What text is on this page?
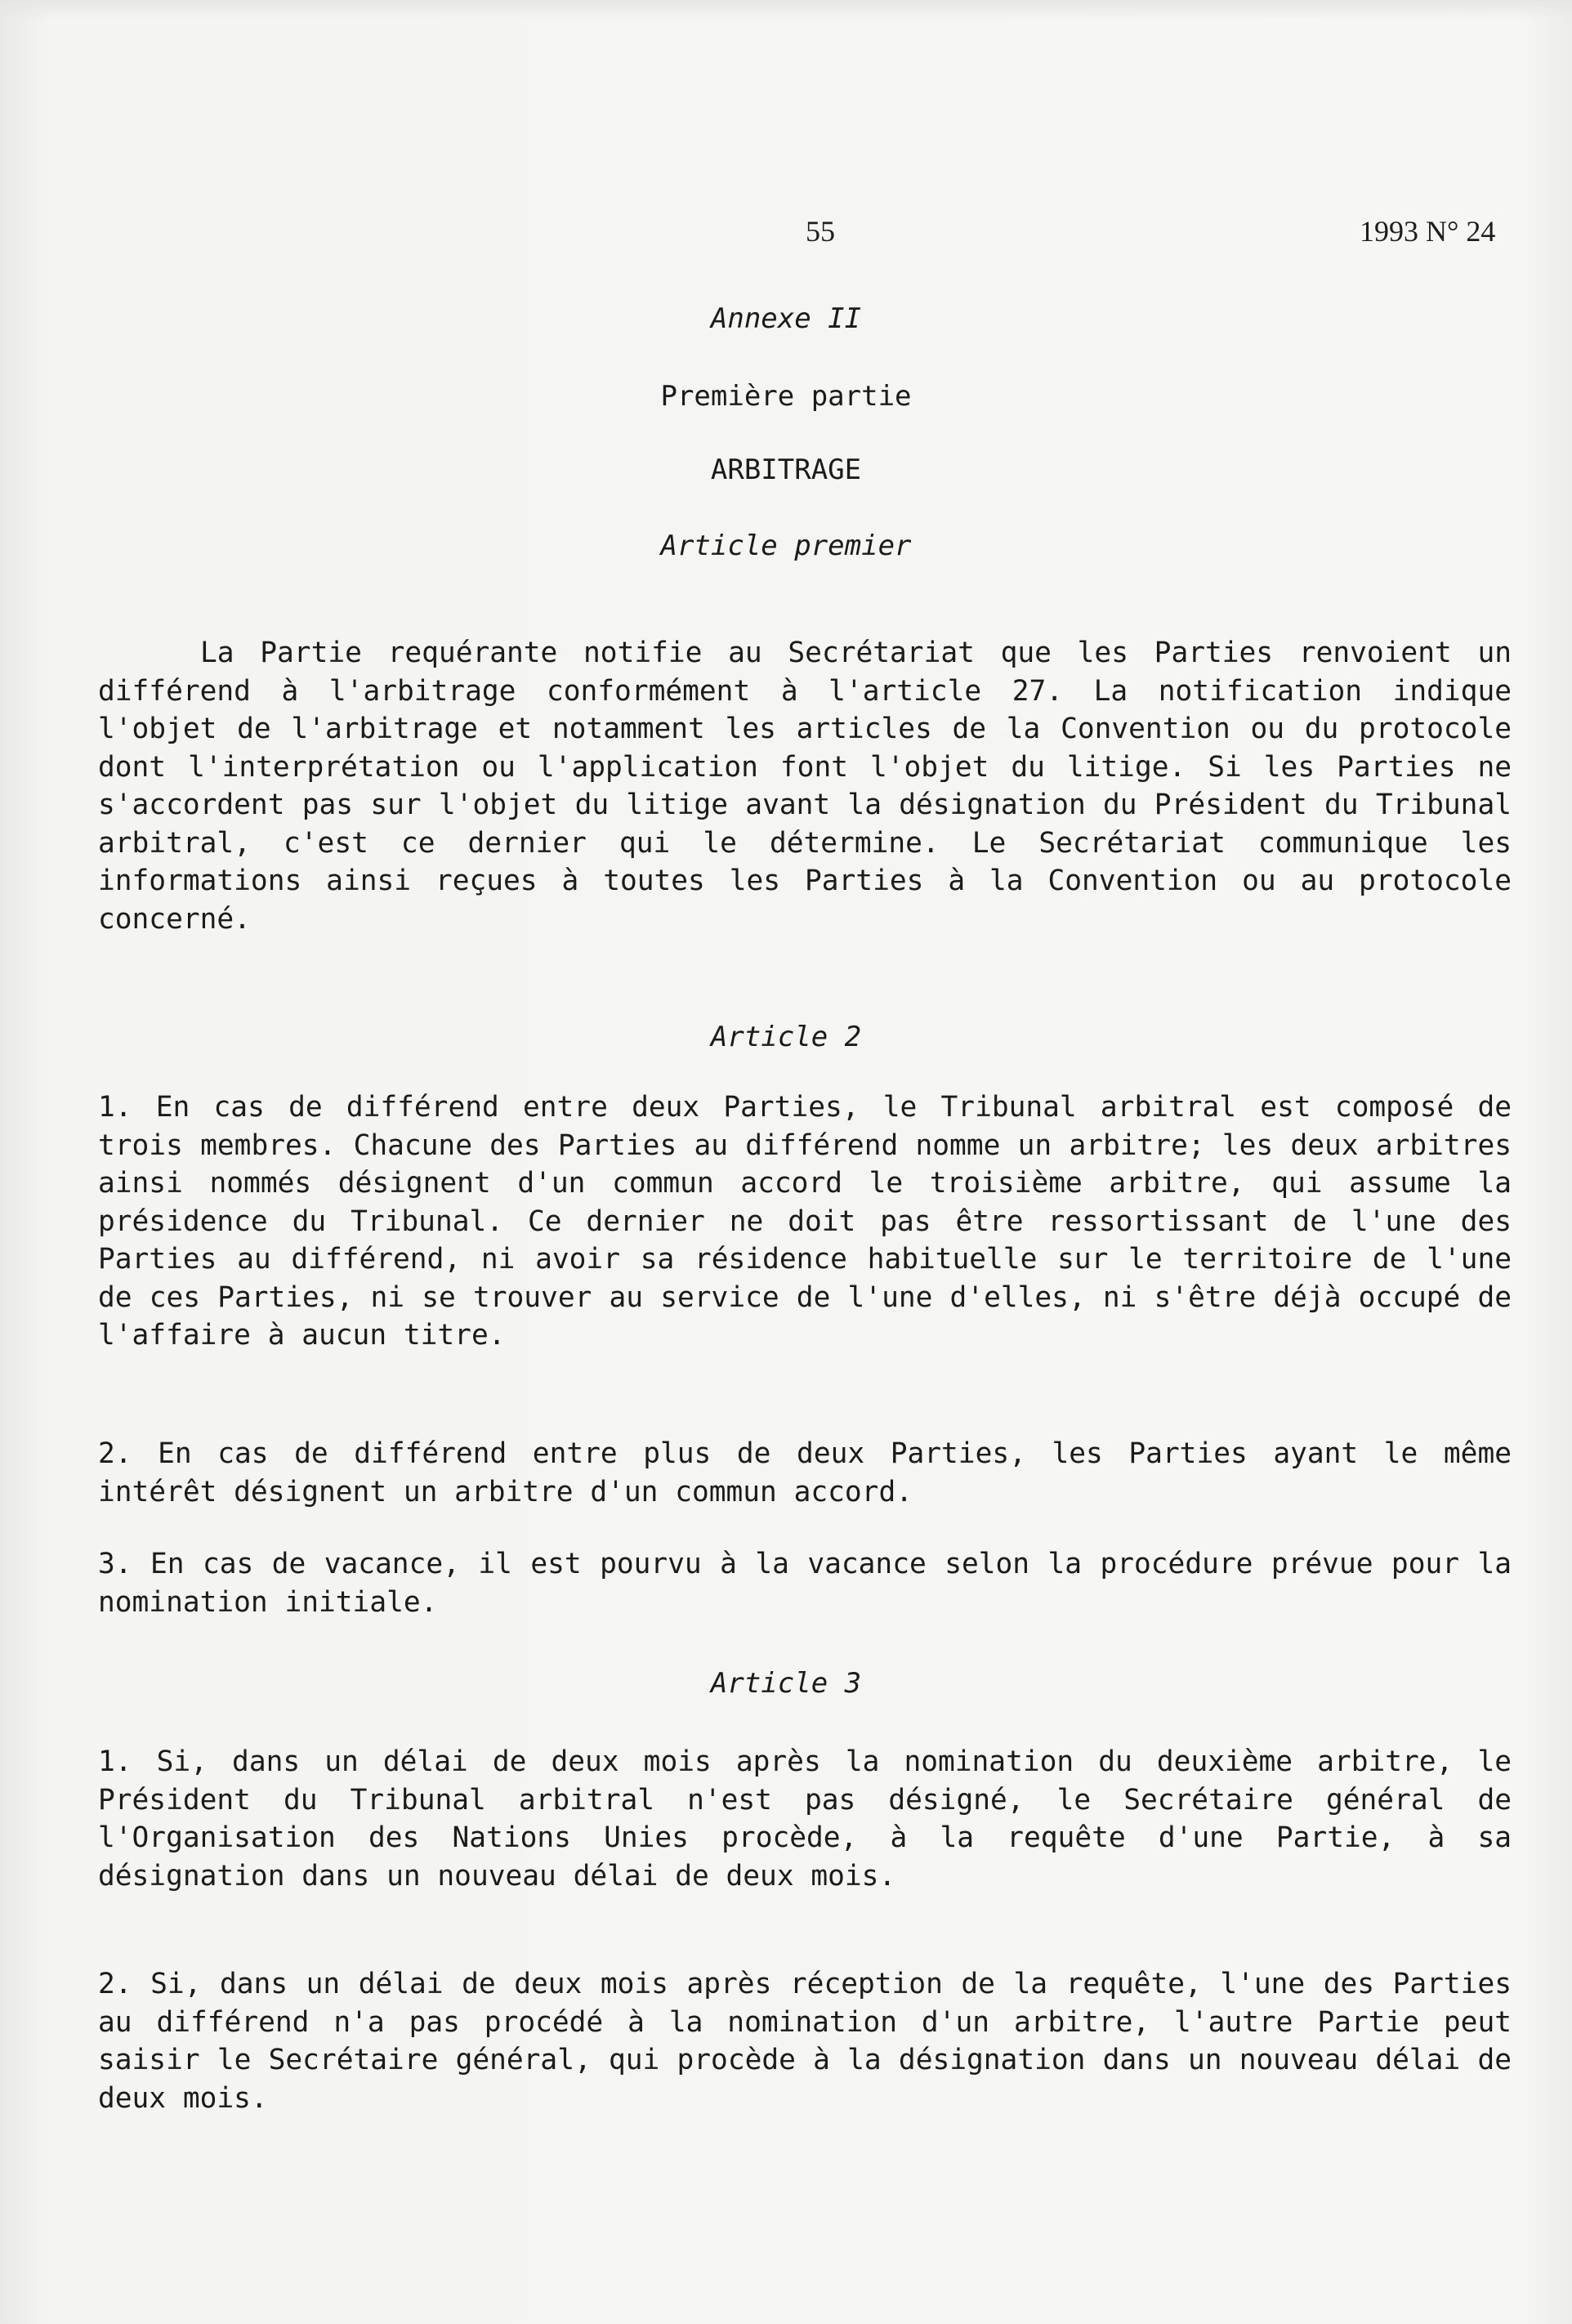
55	1993 N° 24
Annexe II
Première partie
ARBITRAGE
Article premier
La Partie requérante notifie au Secrétariat que les Parties renvoient un différend à l'arbitrage conformément à l'article 27. La notification indique l'objet de l'arbitrage et notamment les articles de la Convention ou du protocole dont l'interprétation ou l'application font l'objet du litige. Si les Parties ne s'accordent pas sur l'objet du litige avant la désignation du Président du Tribunal arbitral, c'est ce dernier qui le détermine. Le Secrétariat communique les informations ainsi reçues à toutes les Parties à la Convention ou au protocole concerné.
Article 2
1. En cas de différend entre deux Parties, le Tribunal arbitral est composé de trois membres. Chacune des Parties au différend nomme un arbitre; les deux arbitres ainsi nommés désignent d'un commun accord le troisième arbitre, qui assume la présidence du Tribunal. Ce dernier ne doit pas être ressortissant de l'une des Parties au différend, ni avoir sa résidence habituelle sur le territoire de l'une de ces Parties, ni se trouver au service de l'une d'elles, ni s'être déjà occupé de l'affaire à aucun titre.
2. En cas de différend entre plus de deux Parties, les Parties ayant le même intérêt désignent un arbitre d'un commun accord.
3. En cas de vacance, il est pourvu à la vacance selon la procédure prévue pour la nomination initiale.
Article 3
1. Si, dans un délai de deux mois après la nomination du deuxième arbitre, le Président du Tribunal arbitral n'est pas désigné, le Secrétaire général de l'Organisation des Nations Unies procède, à la requête d'une Partie, à sa désignation dans un nouveau délai de deux mois.
2. Si, dans un délai de deux mois après réception de la requête, l'une des Parties au différend n'a pas procédé à la nomination d'un arbitre, l'autre Partie peut saisir le Secrétaire général, qui procède à la désignation dans un nouveau délai de deux mois.
